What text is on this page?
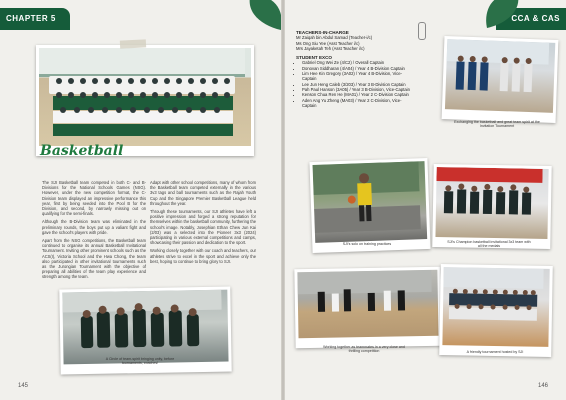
CHAPTER 5
Basketball

The SJI Basketball team competed in both C- and B-Divisions for the National Schools Games (NSG). However, under the new competition format, the C-Division team displayed an impressive performance this year, first by being seeded into the Pool B for the Division, and second, by narrowly missing out on qualifying for the semi-finals.

Although the B-Division team was eliminated in the preliminary rounds, the boys put up a valiant fight and gave the school's players with pride.

Apart from the NSG competitions, the Basketball team continued to organise its annual Basketball Invitational Tournament. Inviting other prominent schools such as the ACS(I), Victoria School and the Hwa Chong, the team also participated in other invitational tournaments such as the Jurongian Tournament with the objective of preparing all abilities of the team play experience and strength among the team.

Adapt with other school competitions, many of whom from the Basketball team competed externally in the various 3v3 tags and ball tournaments such as the Rajah Youth Cup and the Singapore Premier Basketball League held throughout the year.

Through these tournaments, our SJI athletes have left a positive impression and forged a strong reputation for themselves within the basketball community, furthering the school's image. Notably, Josephian Ethan Chew Jun Kai (2/03) was a selected into the Pioneer 3x3 (2024) participating in various external competitions and camps, showcasing their passion and dedication to the sport.

Working closely together with our coach and teachers, our athletes strive to excel in the sport and achieve only the best, hoping to continue to bring glory to SJI.

A Circle of team-spirit bringing unity, before tournaments, coaches!
145
CCA & CAS
Exchanging the basketball and great team spirit at the Invitation Tournament
TEACHERS-IN-CHARGE
Mr Zaiqah bin Abdul Samad (Teacher-i/c)
Ms Ong Siu Yee (Asst Teacher i/c)
Mrs Jayaketah Teh (Asst Teacher i/c)
STUDENT EXCO
• Gabriel Ong Wei Ze (4/C2) / Overall Captain
• Donovan Siddharan (4/A04) / Year 4 B-Division Captain
• Lim Hee Kin Gregory (3A02) / Year 4 B-Division, Vice-Captain
• Lee Jun Heng Caleb (3/203) / Year 3 B-Division Captain
• Pah Paul Hanson (3A05) / Year 3 B-Division, Vice-Captain
• Kenson Chua Ren He (MA01) / Year 2 C-Division Captain
• Aden Ang Yu Zheng (MA03) / Year 2 C-Division, Vice-Captain
SJI's solo on training practices	SJI's Champion basketball invitational 3x3 team with all the medals
Working together as teammates in a very close and thrilling competition	A friendly tournament hosted by SJI
146
